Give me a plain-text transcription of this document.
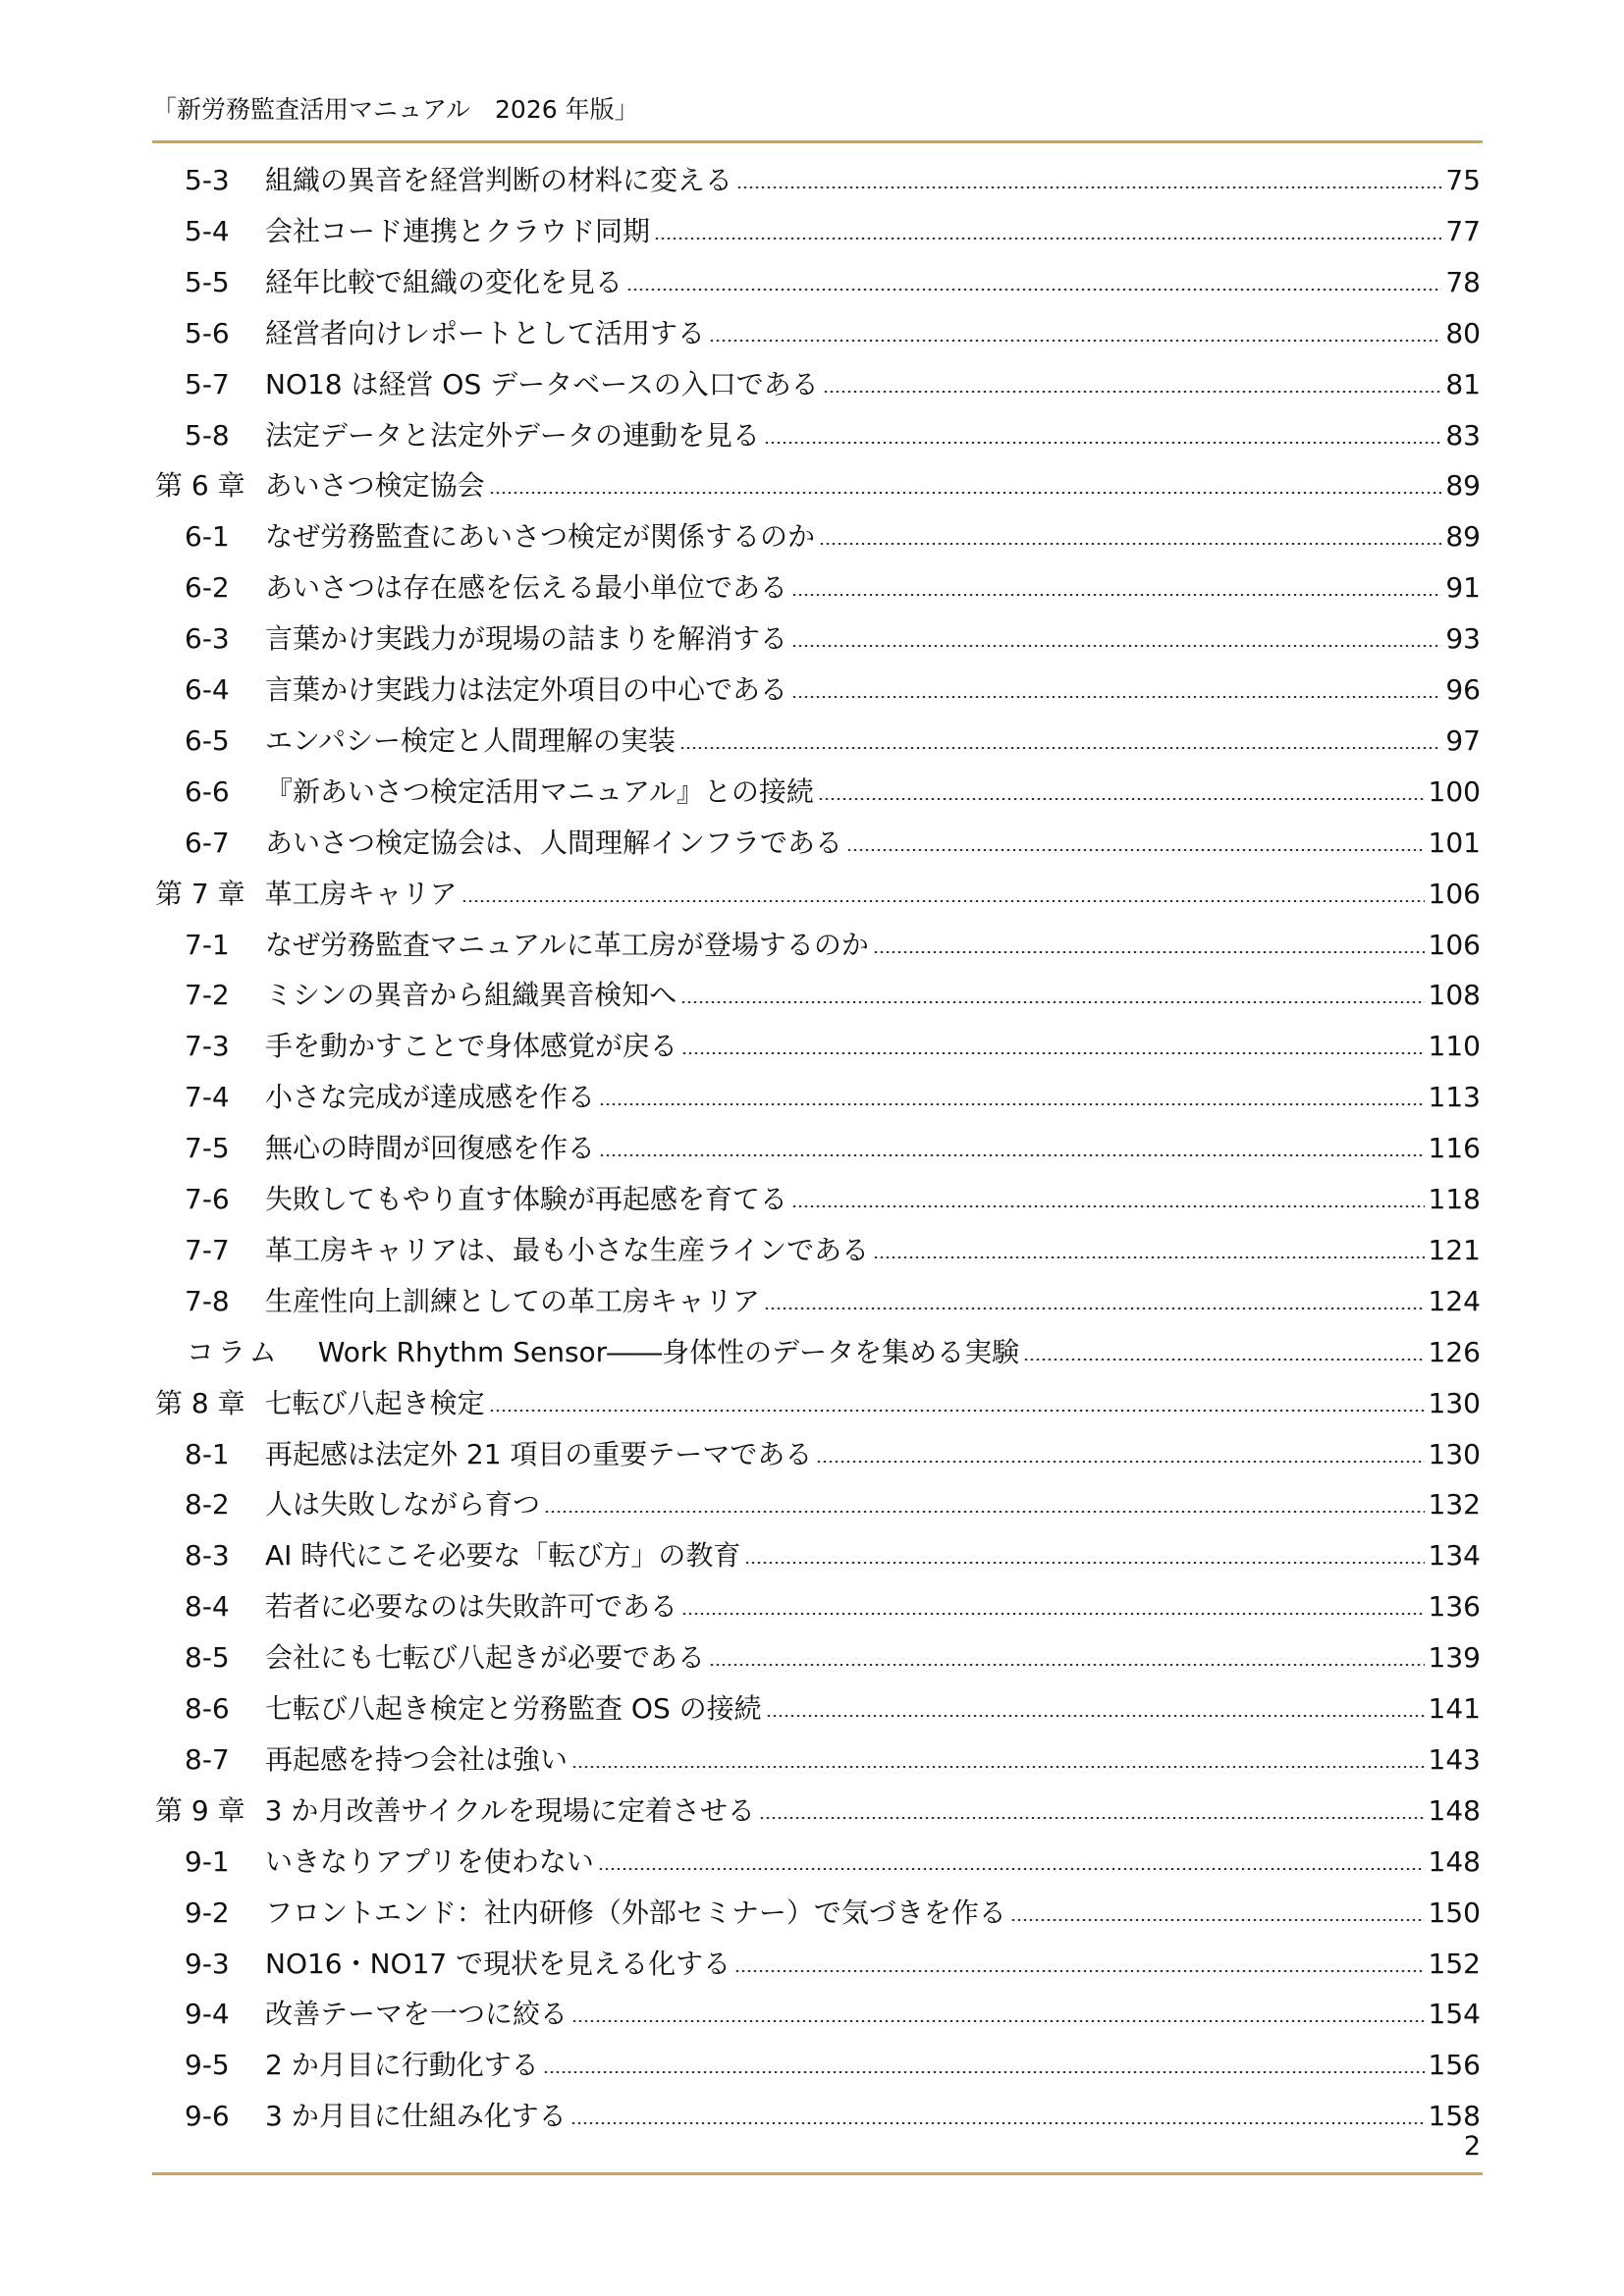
「新労務監査活用マニュアル　2026 年版」
5-3	組織の異音を経営判断の材料に変える	75
5-4	会社コード連携とクラウド同期	77
5-5	経年比較で組織の変化を見る	78
5-6	経営者向けレポートとして活用する	80
5-7	NO18 は経営 OS データベースの入口である	81
5-8	法定データと法定外データの連動を見る	83
第 6 章 あいさつ検定協会	89
6-1	なぜ労務監査にあいさつ検定が関係するのか	89
6-2	あいさつは存在感を伝える最小単位である	91
6-3	言葉かけ実践力が現場の詰まりを解消する	93
6-4	言葉かけ実践力は法定外項目の中心である	96
6-5	エンパシー検定と人間理解の実装	97
6-6	『新あいさつ検定活用マニュアル』との接続	100
6-7	あいさつ検定協会は、人間理解インフラである	101
第 7 章 革工房キャリア	106
7-1	なぜ労務監査マニュアルに革工房が登場するのか	106
7-2	ミシンの異音から組織異音検知へ	108
7-3	手を動かすことで身体感覚が戻る	110
7-4	小さな完成が達成感を作る	113
7-5	無心の時間が回復感を作る	116
7-6	失敗してもやり直す体験が再起感を育てる	118
7-7	革工房キャリアは、最も小さな生産ラインである	121
7-8	生産性向上訓練としての革工房キャリア	124
コラム Work Rhythm Sensor――身体性のデータを集める実験	126
第 8 章 七転び八起き検定	130
8-1	再起感は法定外 21 項目の重要テーマである	130
8-2	人は失敗しながら育つ	132
8-3	AI 時代にこそ必要な「転び方」の教育	134
8-4	若者に必要なのは失敗許可である	136
8-5	会社にも七転び八起きが必要である	139
8-6	七転び八起き検定と労務監査 OS の接続	141
8-7	再起感を持つ会社は強い	143
第 9 章 3 か月改善サイクルを現場に定着させる	148
9-1	いきなりアプリを使わない	148
9-2	フロントエンド：社内研修（外部セミナー）で気づきを作る	150
9-3	NO16・NO17 で現状を見える化する	152
9-4	改善テーマを一つに絞る	154
9-5	2 か月目に行動化する	156
9-6	3 か月目に仕組み化する	158
2
